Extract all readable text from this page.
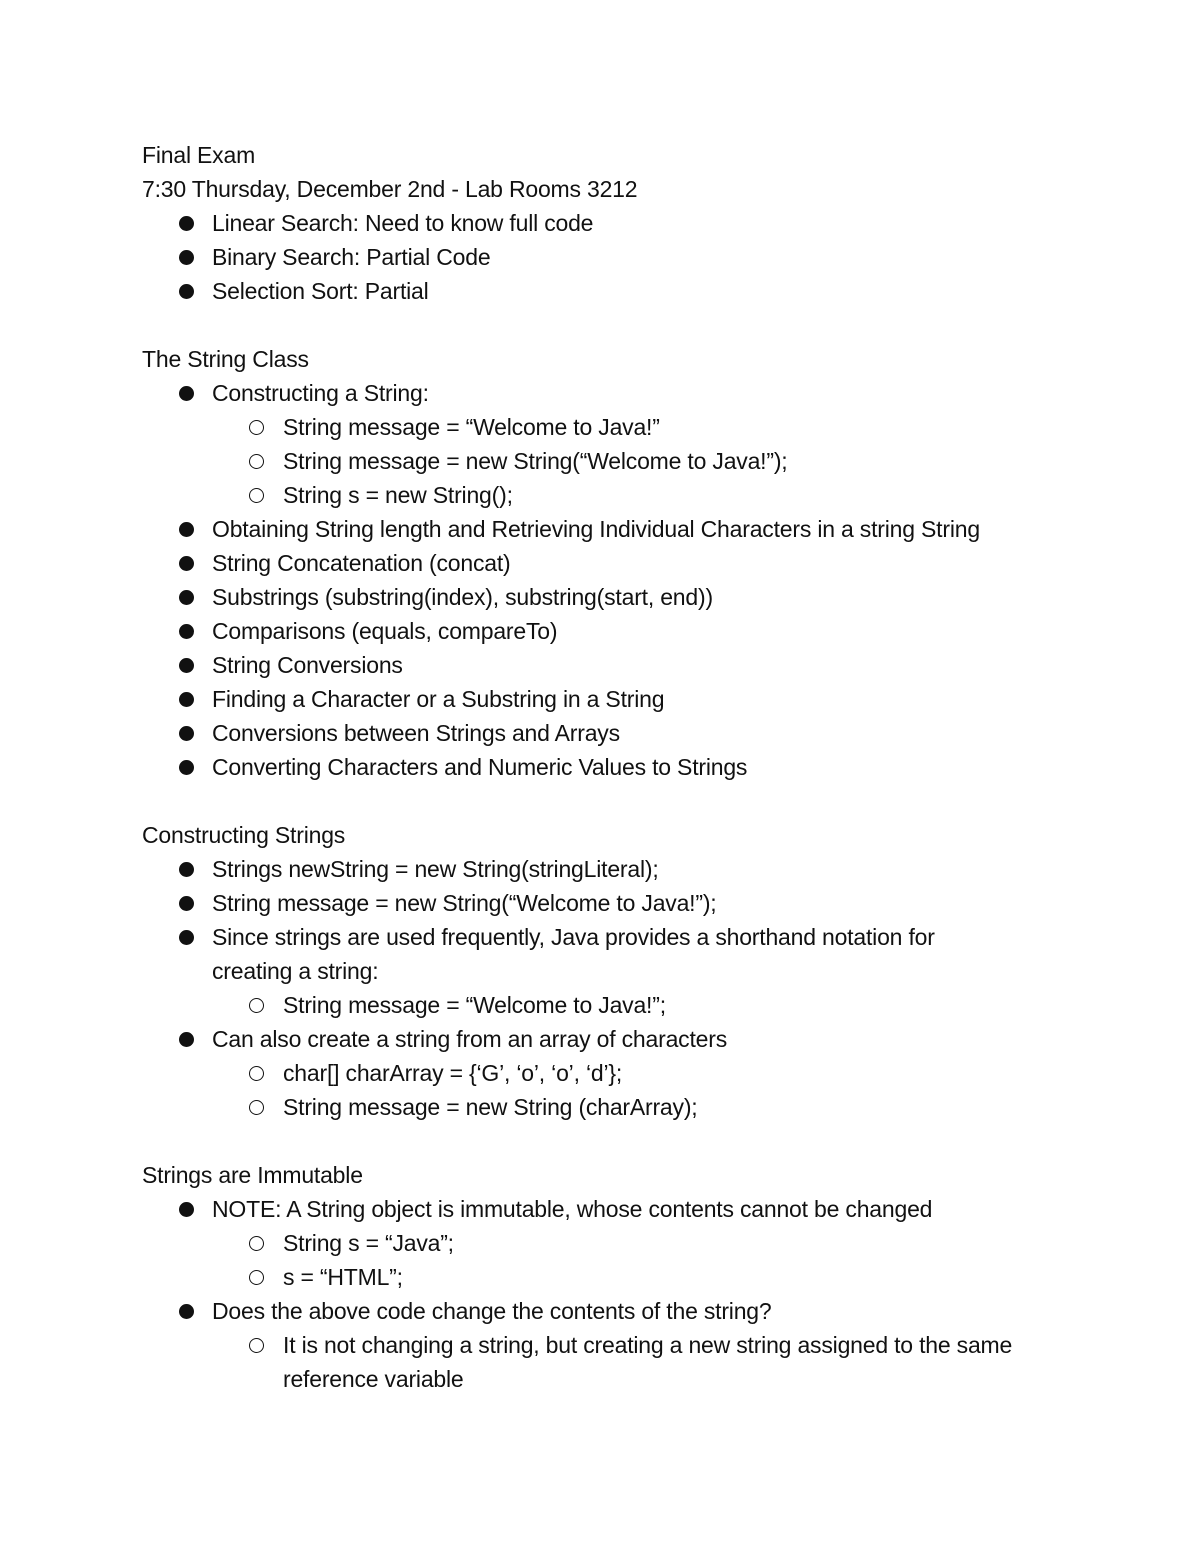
Final Exam
7:30 Thursday, December 2nd - Lab Rooms 3212
Linear Search: Need to know full code
Binary Search: Partial Code
Selection Sort: Partial
The String Class
Constructing a String:
String message = “Welcome to Java!”
String message = new String(“Welcome to Java!”);
String s = new String();
Obtaining String length and Retrieving Individual Characters in a string String
String Concatenation (concat)
Substrings (substring(index), substring(start, end))
Comparisons (equals, compareTo)
String Conversions
Finding a Character or a Substring in a String
Conversions between Strings and Arrays
Converting Characters and Numeric Values to Strings
Constructing Strings
Strings newString = new String(stringLiteral);
String message = new String(“Welcome to Java!”);
Since strings are used frequently, Java provides a shorthand notation for
creating a string:
String message = “Welcome to Java!”;
Can also create a string from an array of characters
char[] charArray = {‘G’, ‘o’, ‘o’, ‘d’};
String message = new String (charArray);
Strings are Immutable
NOTE: A String object is immutable, whose contents cannot be changed
String s = “Java”;
s = “HTML”;
Does the above code change the contents of the string?
It is not changing a string, but creating a new string assigned to the same
reference variable
